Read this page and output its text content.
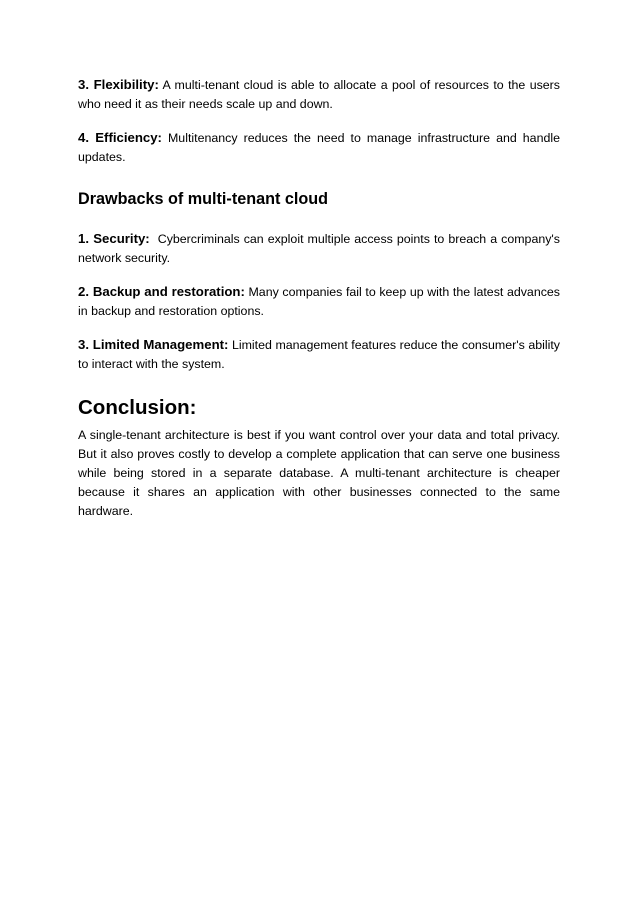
3. Flexibility: A multi-tenant cloud is able to allocate a pool of resources to the users who need it as their needs scale up and down.

4. Efficiency: Multitenancy reduces the need to manage infrastructure and handle updates.

Drawbacks of multi-tenant cloud

1. Security:  Cybercriminals can exploit multiple access points to breach a company's network security.

2. Backup and restoration: Many companies fail to keep up with the latest advances in backup and restoration options.

3. Limited Management: Limited management features reduce the consumer's ability to interact with the system.

Conclusion:

A single-tenant architecture is best if you want control over your data and total privacy. But it also proves costly to develop a complete application that can serve one business while being stored in a separate database. A multi-tenant architecture is cheaper because it shares an application with other businesses connected to the same hardware.
